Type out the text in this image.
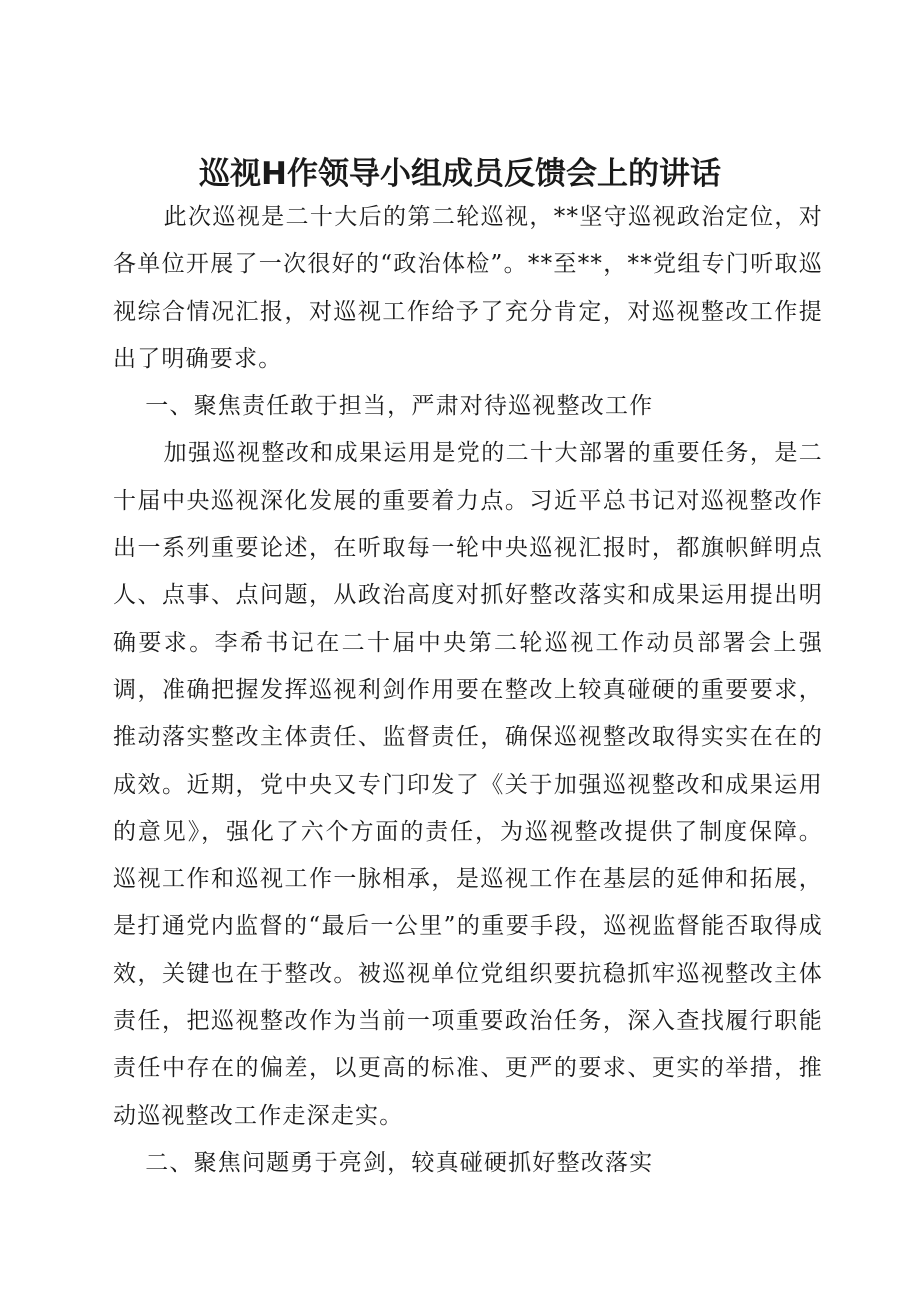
巡视H作领导小组成员反馈会上的讲话

此次巡视是二十大后的第二轮巡视，**坚守巡视政治定位，对各单位开展了一次很好的“政治体检”。**至**，**党组专门听取巡视综合情况汇报，对巡视工作给予了充分肯定，对巡视整改工作提出了明确要求。

一、聚焦责任敢于担当，严肃对待巡视整改工作

加强巡视整改和成果运用是党的二十大部署的重要任务，是二十届中央巡视深化发展的重要着力点。习近平总书记对巡视整改作出一系列重要论述，在听取每一轮中央巡视汇报时，都旗帜鲜明点人、点事、点问题，从政治高度对抓好整改落实和成果运用提出明确要求。李希书记在二十届中央第二轮巡视工作动员部署会上强调，准确把握发挥巡视利剑作用要在整改上较真碰硬的重要要求，推动落实整改主体责任、监督责任，确保巡视整改取得实实在在的成效。近期，党中央又专门印发了《关于加强巡视整改和成果运用的意见》，强化了六个方面的责任，为巡视整改提供了制度保障。巡视工作和巡视工作一脉相承，是巡视工作在基层的延伸和拓展，是打通党内监督的“最后一公里”的重要手段，巡视监督能否取得成效，关键也在于整改。被巡视单位党组织要抗稳抓牢巡视整改主体责任，把巡视整改作为当前一项重要政治任务，深入查找履行职能责任中存在的偏差，以更高的标准、更严的要求、更实的举措，推动巡视整改工作走深走实。

二、聚焦问题勇于亮剑，较真碰硬抓好整改落实
